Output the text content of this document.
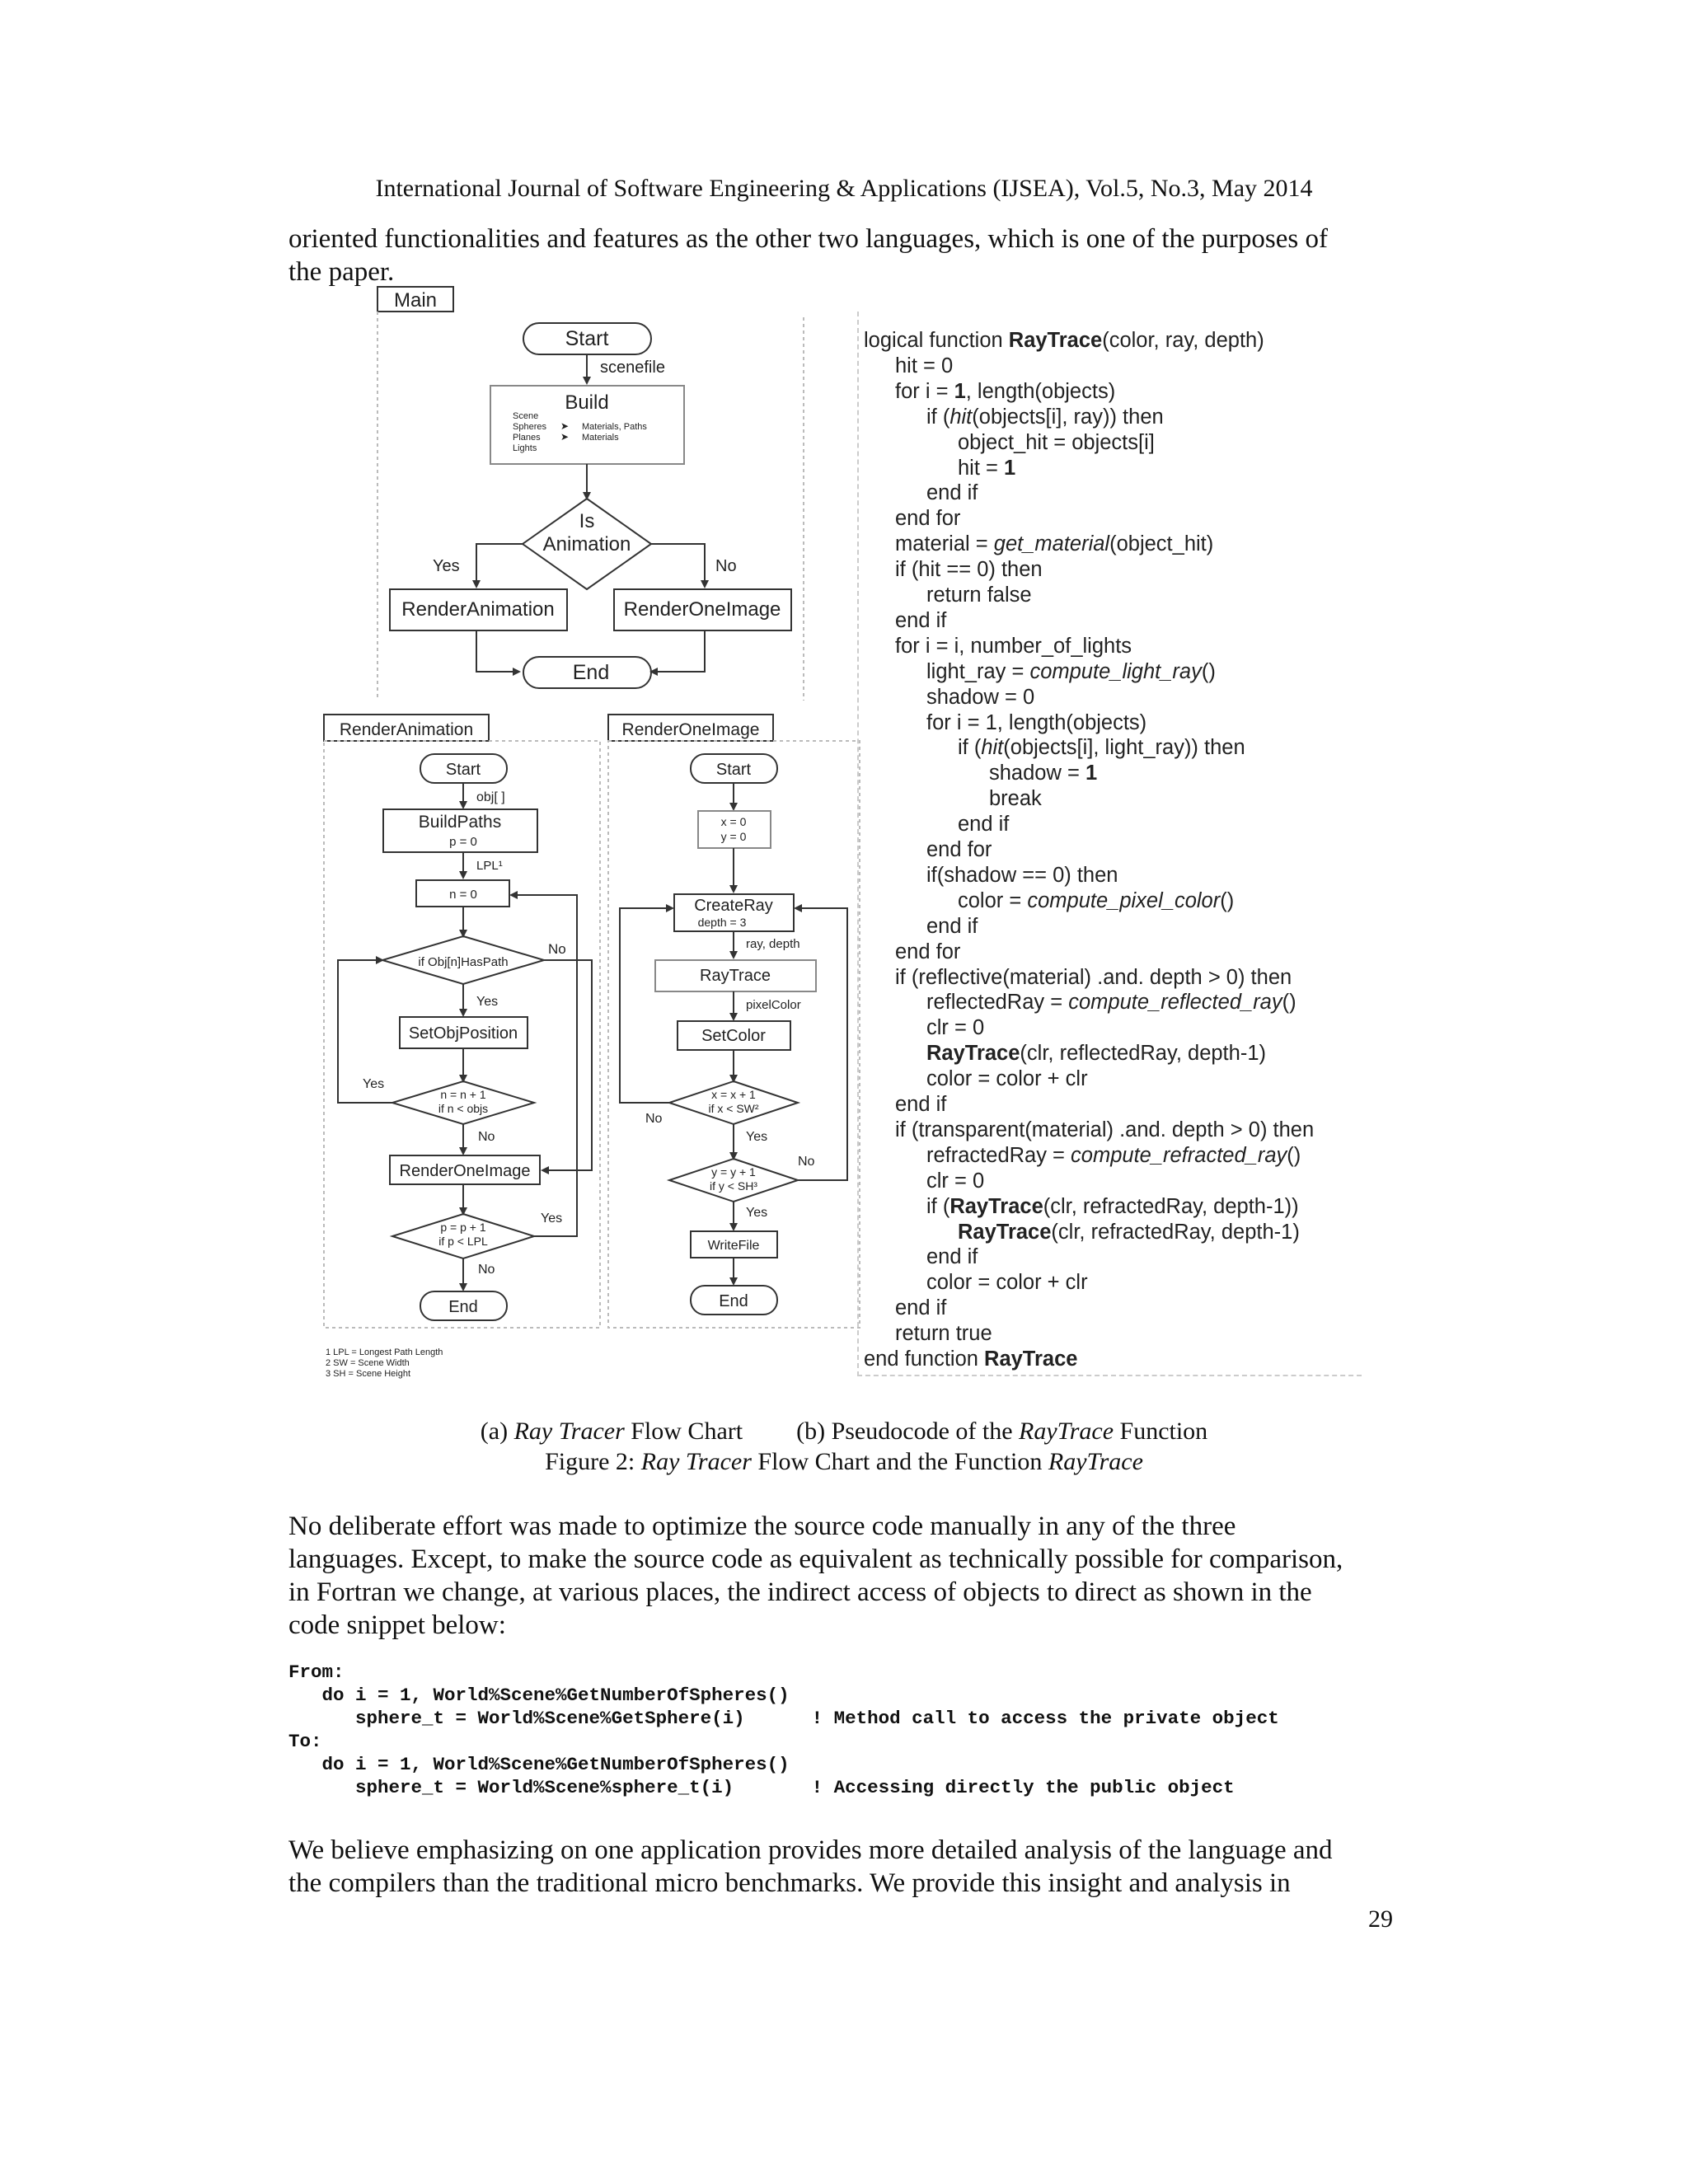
International Journal of Software Engineering & Applications (IJSEA), Vol.5, No.3, May 2014
oriented functionalities and features as the other two languages, which is one of the purposes of
the paper.
Main
Start
scenefile
Build
Scene
Spheres
Planes
Lights
Materials, Paths
Materials
➤
➤
Is
Animation
Yes	No
RenderAnimation	RenderOneImage
End
RenderAnimation
Start
obj[ ]
BuildPaths
p = 0
LPL¹
n = 0
if Obj[n]HasPath
No
Yes
SetObjPosition
Yes
n = n + 1
if n < objs
No
RenderOneImage
Yes
p = p + 1
if p < LPL
No
End
RenderOneImage
Start
x = 0
y = 0
CreateRay
depth = 3
ray, depth
RayTrace
pixelColor
SetColor
x = x + 1
if x < SW²
No
Yes
y = y + 1
if y < SH³
No
Yes
WriteFile
End
1 LPL = Longest Path Length
2 SW = Scene Width
3 SH = Scene Height
logical function RayTrace(color, ray, depth)
hit = 0
for i = 1, length(objects)
if (hit(objects[i], ray)) then
object_hit = objects[i]
hit = 1
end if
end for
material = get_material(object_hit)
if (hit == 0) then
return false
end if
for i = i, number_of_lights
light_ray = compute_light_ray()
shadow = 0
for i = 1, length(objects)
if (hit(objects[i], light_ray)) then
shadow = 1
break
end if
end for
if(shadow == 0) then
color = compute_pixel_color()
end if
end for
if (reflective(material) .and. depth > 0) then
reflectedRay = compute_reflected_ray()
clr = 0
RayTrace(clr, reflectedRay, depth-1)
color = color + clr
end if
if (transparent(material) .and. depth > 0) then
refractedRay = compute_refracted_ray()
clr = 0
if (RayTrace(clr, refractedRay, depth-1))
RayTrace(clr, refractedRay, depth-1)
end if
color = color + clr
end if
return true
end function RayTrace
(a) Ray Tracer Flow Chart (b) Pseudocode of the RayTrace Function
Figure 2: Ray Tracer Flow Chart and the Function RayTrace
No deliberate effort was made to optimize the source code manually in any of the three
languages. Except, to make the source code as equivalent as technically possible for comparison,
in Fortran we change, at various places, the indirect access of objects to direct as shown in the
code snippet below:
From:
do i = 1, World%Scene%GetNumberOfSpheres()
sphere_t = World%Scene%GetSphere(i)      ! Method call to access the private object
To:
do i = 1, World%Scene%GetNumberOfSpheres()
sphere_t = World%Scene%sphere_t(i)       ! Accessing directly the public object
We believe emphasizing on one application provides more detailed analysis of the language and
the compilers than the traditional micro benchmarks. We provide this insight and analysis in
29
